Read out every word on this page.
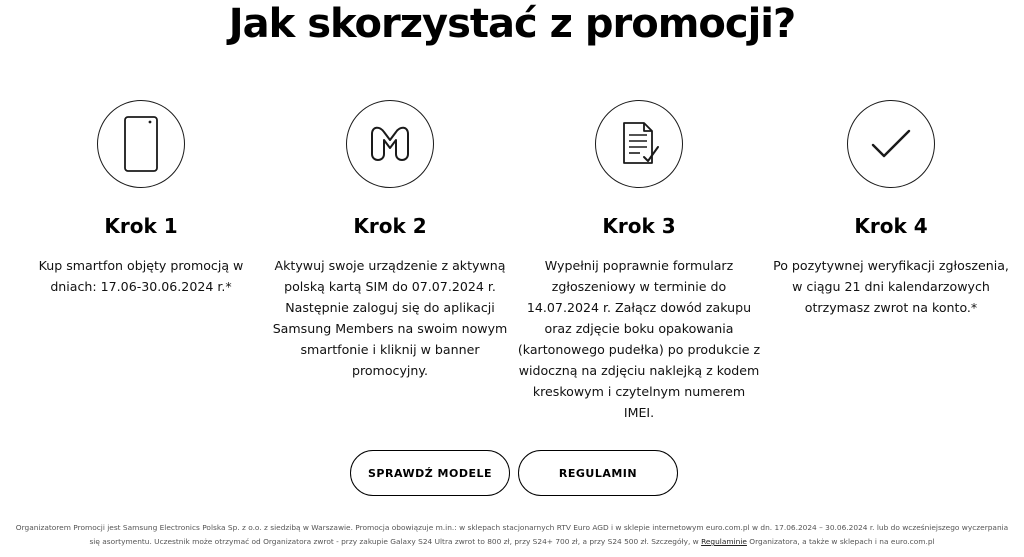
Jak skorzystać z promocji?
Krok 1
Kup smartfon objęty promocją w dniach: 17.06-30.06.2024 r.*
Krok 2
Aktywuj swoje urządzenie z aktywną polską kartą SIM do 07.07.2024 r. Następnie zaloguj się do aplikacji Samsung Members na swoim nowym smartfonie i kliknij w banner promocyjny.
Krok 3
Wypełnij poprawnie formularz zgłoszeniowy w terminie do 14.07.2024 r. Załącz dowód zakupu oraz zdjęcie boku opakowania (kartonowego pudełka) po produkcie z widoczną na zdjęciu naklejką z kodem kreskowym i czytelnym numerem IMEI.
Krok 4
Po pozytywnej weryfikacji zgłoszenia, w ciągu 21 dni kalendarzowych otrzymasz zwrot na konto.*
SPRAWDŹ MODELE	REGULAMIN
Organizatorem Promocji jest Samsung Electronics Polska Sp. z o.o. z siedzibą w Warszawie. Promocja obowiązuje m.in.: w sklepach stacjonarnych RTV Euro AGD i w sklepie internetowym euro.com.pl w dn. 17.06.2024 – 30.06.2024 r. lub do wcześniejszego wyczerpania się asortymentu. Uczestnik może otrzymać od Organizatora zwrot - przy zakupie Galaxy S24 Ultra zwrot to 800 zł, przy S24+ 700 zł, a przy S24 500 zł. Szczegóły, w Regulaminie Organizatora, a także w sklepach i na euro.com.pl
